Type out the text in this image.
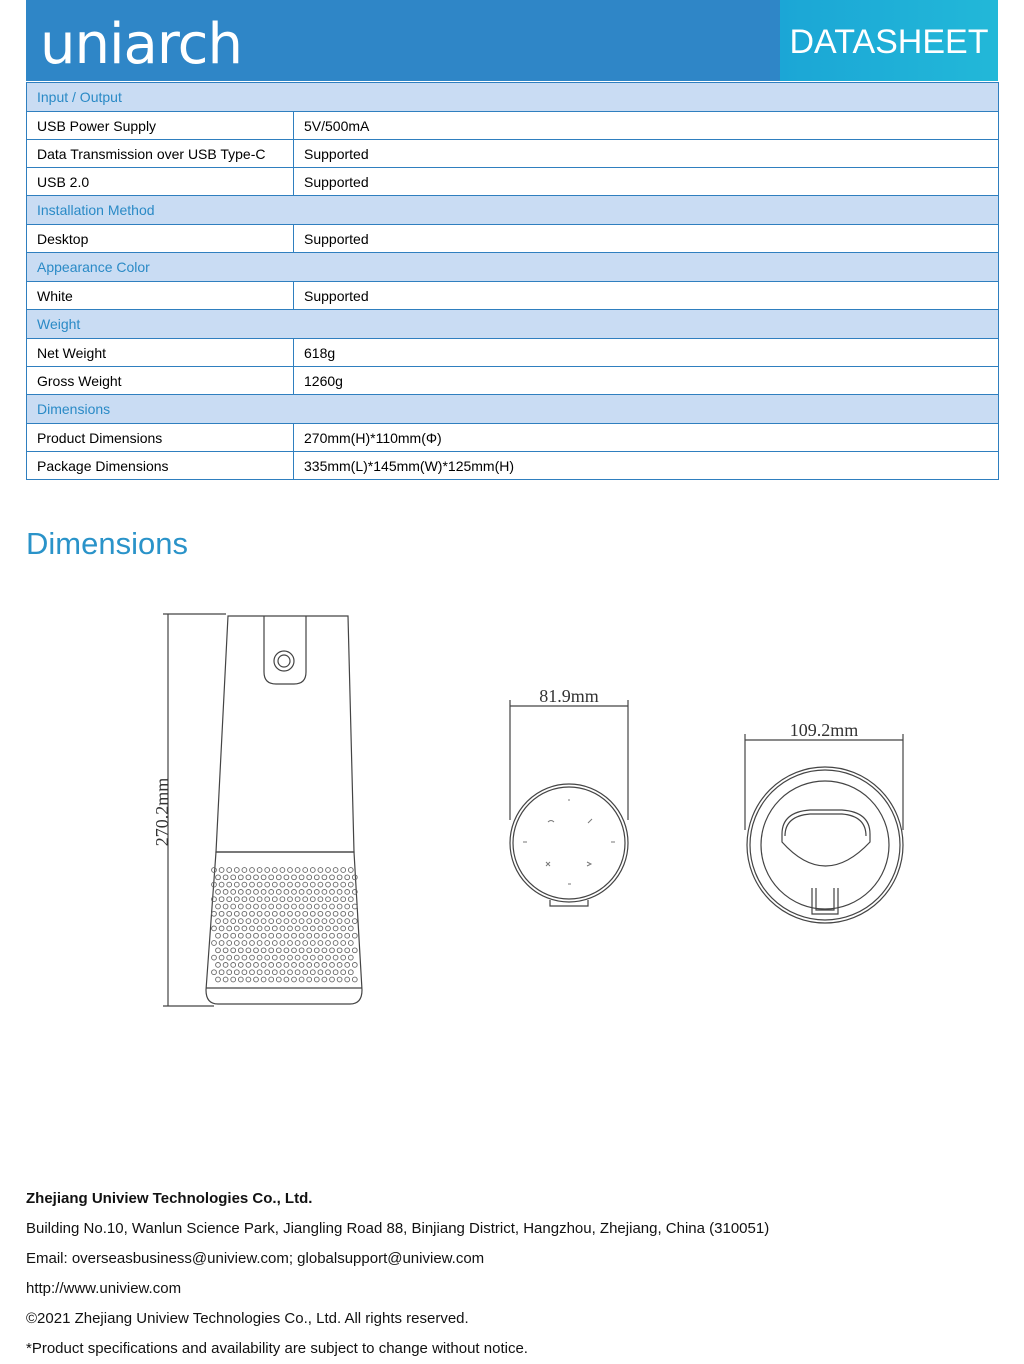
uniarch	DATASHEET
Input / Output	
USB Power Supply	5V/500mA
Data Transmission over USB Type-C	Supported
USB 2.0	Supported
Installation Method	
Desktop	Supported
Appearance Color	
White	Supported
Weight	
Net Weight	618g
Gross Weight	1260g
Dimensions	
Product Dimensions	270mm(H)*110mm(Φ)
Package Dimensions	335mm(L)*145mm(W)*125mm(H)
Dimensions
270.2mm
81.9mm
109.2mm
Zhejiang Uniview Technologies Co., Ltd.
Building No.10, Wanlun Science Park, Jiangling Road 88, Binjiang District, Hangzhou, Zhejiang, China (310051)
Email: overseasbusiness@uniview.com; globalsupport@uniview.com
http://www.uniview.com
©2021 Zhejiang Uniview Technologies Co., Ltd. All rights reserved.
*Product specifications and availability are subject to change without notice.
